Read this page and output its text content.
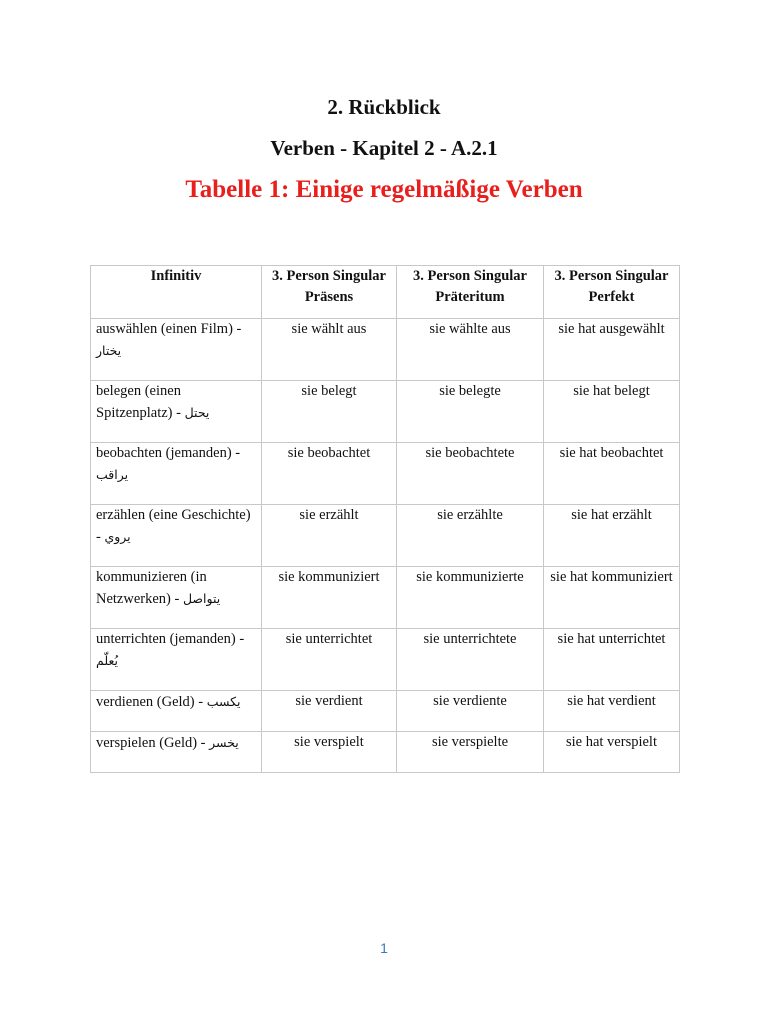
2. Rückblick
Verben - Kapitel 2 - A.2.1
Tabelle 1: Einige regelmäßige Verben
Infinitiv	3. Person Singular Präsens	3. Person Singular Präteritum	3. Person Singular Perfekt
auswählen (einen Film) - يختار	sie wählt aus	sie wählte aus	sie hat ausgewählt
belegen (einen Spitzenplatz) - يحتل	sie belegt	sie belegte	sie hat belegt
beobachten (jemanden) - يراقب	sie beobachtet	sie beobachtete	sie hat beobachtet
erzählen (eine Geschichte) - يروي	sie erzählt	sie erzählte	sie hat erzählt
kommunizieren (in Netzwerken) - يتواصل	sie kommuniziert	sie kommunizierte	sie hat kommuniziert
unterrichten (jemanden) - يُعلّم	sie unterrichtet	sie unterrichtete	sie hat unterrichtet
verdienen (Geld) - يكسب	sie verdient	sie verdiente	sie hat verdient
verspielen (Geld) - يخسر	sie verspielt	sie verspielte	sie hat verspielt
1
